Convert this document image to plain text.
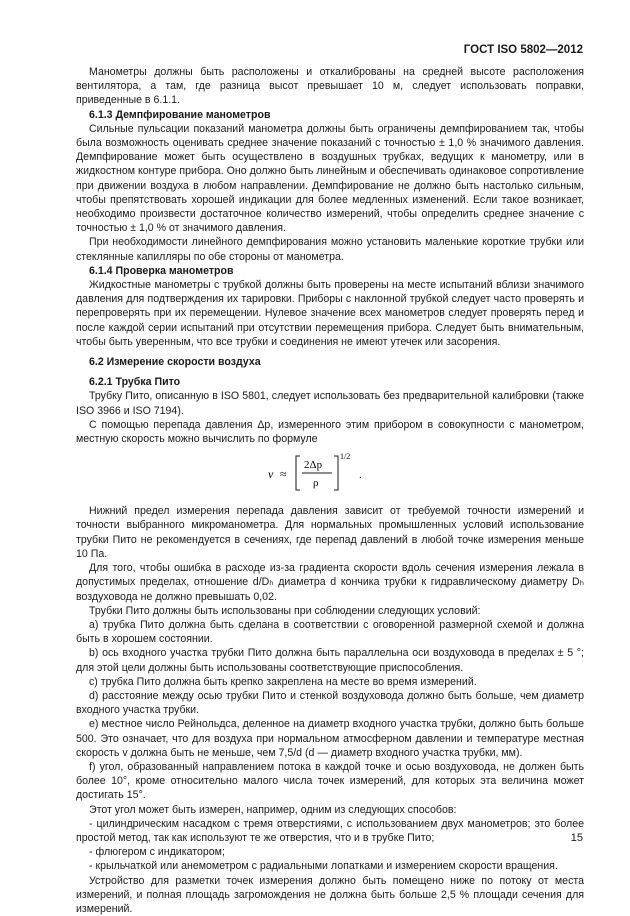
ГОСТ ISO 5802—2012

Манометры должны быть расположены и откалиброваны на средней высоте расположения вентилятора, а там, где разница высот превышает 10 м, следует использовать поправки, приведенные в 6.1.1.

6.1.3 Демпфирование манометров

Сильные пульсации показаний манометра должны быть ограничены демпфированием так, чтобы была возможность оценивать среднее значение показаний с точностью ± 1,0 % значимого давления. Демпфирование может быть осуществлено в воздушных трубках, ведущих к манометру, или в жидкостном контуре прибора. Оно должно быть линейным и обеспечивать одинаковое сопротивление при движении воздуха в любом направлении. Демпфирование не должно быть настолько сильным, чтобы препятствовать хорошей индикации для более медленных изменений. Если такое возникает, необходимо произвести достаточное количество измерений, чтобы определить среднее значение с точностью ± 1,0 % от значимого давления.

При необходимости линейного демпфирования можно установить маленькие короткие трубки или стеклянные капилляры по обе стороны от манометра.

6.1.4 Проверка манометров

Жидкостные манометры с трубкой должны быть проверены на месте испытаний вблизи значимого давления для подтверждения их тарировки. Приборы с наклонной трубкой следует часто проверять и перепроверять при их перемещении. Нулевое значение всех манометров следует проверять перед и после каждой серии испытаний при отсутствии перемещения прибора. Следует быть внимательным, чтобы быть уверенным, что все трубки и соединения не имеют утечек или засорения.

6.2 Измерение скорости воздуха
6.2.1 Трубка Пито

Трубку Пито, описанную в ISO 5801, следует использовать без предварительной калибровки (также ISO 3966 и ISO 7194).

С помощью перепада давления Δp, измеренного этим прибором в совокупности с манометром, местную скорость можно вычислить по формуле

v ≈
2Δp
ρ
1/2
.

Нижний предел измерения перепада давления зависит от требуемой точности измерений и точности выбранного микроманометра. Для нормальных промышленных условий использование трубки Пито не рекомендуется в сечениях, где перепад давлений в любой точке измерения меньше 10 Па.

Для того, чтобы ошибка в расходе из-за градиента скорости вдоль сечения измерения лежала в допустимых пределах, отношение d/Dₕ диаметра d кончика трубки к гидравлическому диаметру Dₕ воздуховода не должно превышать 0,02.

Трубки Пито должны быть использованы при соблюдении следующих условий:

а) трубка Пито должна быть сделана в соответствии с оговоренной размерной схемой и должна быть в хорошем состоянии.

b) ось входного участка трубки Пито должна быть параллельна оси воздуховода в пределах ± 5 °; для этой цели должны быть использованы соответствующие приспособления.

с) трубка Пито должна быть крепко закреплена на месте во время измерений.

d) расстояние между осью трубки Пито и стенкой воздуховода должно быть больше, чем диаметр входного участка трубки.

е) местное число Рейнольдса, деленное на диаметр входного участка трубки, должно быть больше 500. Это означает, что для воздуха при нормальном атмосферном давлении и температуре местная скорость v должна быть не меньше, чем 7,5/d (d — диаметр входного участка трубки, мм).

f) угол, образованный направлением потока в каждой точке и осью воздуховода, не должен быть более 10°, кроме относительно малого числа точек измерений, для которых эта величина может достигать 15°.

Этот угол может быть измерен, например, одним из следующих способов:

- цилиндрическим насадком с тремя отверстиями, с использованием двух манометров; это более простой метод, так как используют те же отверстия, что и в трубке Пито;

- флюгером с индикатором;

- крыльчаткой или анемометром с радиальными лопатками и измерением скорости вращения.

Устройство для разметки точек измерения должно быть помещено ниже по потоку от места измерений, и полная площадь загромождения не должна быть больше 2,5 % площади сечения для измерений.

15
